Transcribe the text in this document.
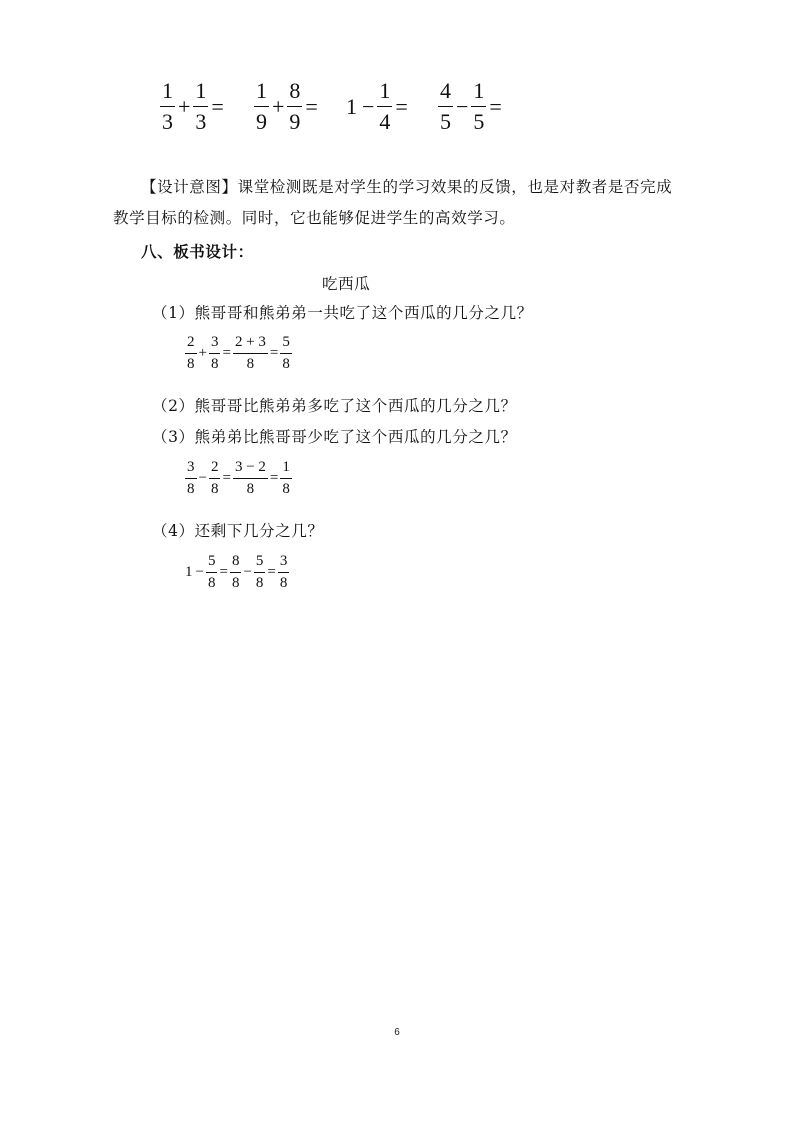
$\frac{1}{3} + \frac{1}{3} = \frac{1}{9} + \frac{8}{9} = 1 - \frac{1}{4} = \frac{4}{5} - \frac{1}{5}$ =
【设计意图】课堂检测既是对学生的学习效果的反馈，也是对教者是否完成
教学目标的检测。同时，它也能够促进学生的高效学习。
八、板书设计：
吃西瓜
（1）熊哥哥和熊弟弟一共吃了这个西瓜的几分之几？
$\frac{2}{8} + \frac{3}{8} = \frac{2 + 3}{8} = \frac{5}{8}$
（2）熊哥哥比熊弟弟多吃了这个西瓜的几分之几？
（3）熊弟弟比熊哥哥少吃了这个西瓜的几分之几？
$\frac{3}{8} - \frac{2}{8} = \frac{3 - 2}{8} = \frac{1}{8}$
（4）还剩下几分之几？
$1 - \frac{5}{8} = \frac{8}{8} - \frac{5}{8} = \frac{3}{8}$
6
